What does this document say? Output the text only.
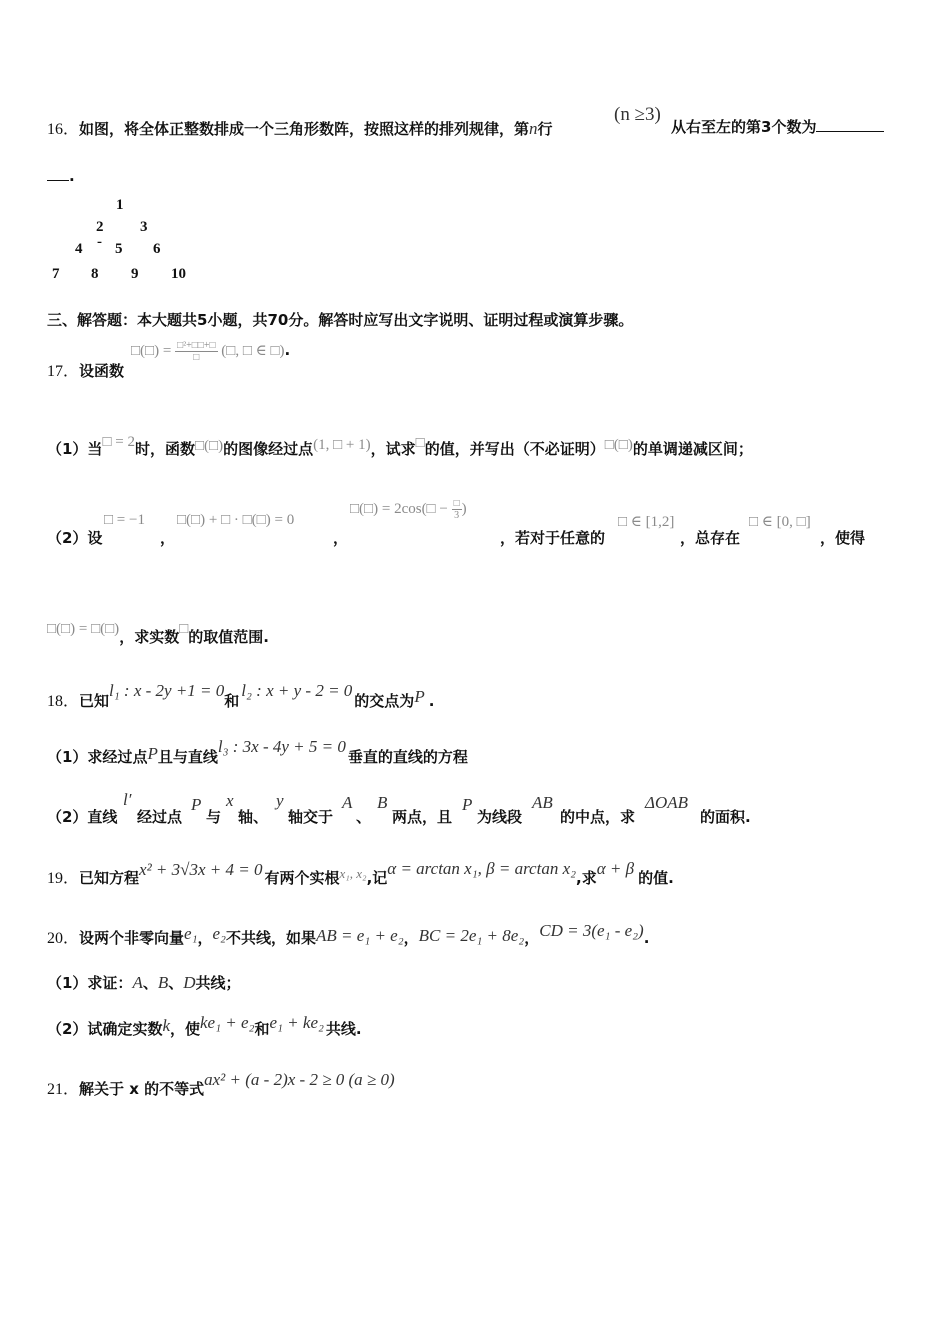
16．如图，将全体正整数排成一个三角形数阵，按照这样的排列规律，第n行
(n ≥3)
从右至左的第3个数为
.
1
2 3
4 - 5 6
7 8 9 10
三、解答题：本大题共5小题，共70分。解答时应写出文字说明、证明过程或演算步骤。
17．设函数
□(□) = $\frac{\text{□²+□□+□}}{□}$ (□, □ ∈ □).
（1）当□ = 2时，函数□(□)的图像经过点(1, □ + 1)，试求□的值，并写出（不必证明）□(□)的单调递减区间；
（2）设
□ = −1
，
□(□) + □ · □(□) = 0
，
□(□) = 2cos(□ − $\frac{□}{3}$ )
，若对于任意的
□ ∈ [1,2]
，总存在
□ ∈ [0, □]
，使得
□(□) = □(□)，求实数□的取值范围.
18．已知l₁ : x - 2y +1 = 0和l₂ : x + y - 2 = 0的交点为P .
（1）求经过点P且与直线l₃ : 3x - 4y + 5 = 0垂直的直线的方程
（2）直线
l′
经过点
P
与
x
轴、
y
轴交于
A
、
B
两点，且
P
为线段
AB
的中点，求
ΔOAB
的面积.
19．已知方程x² + 3√3x + 4 = 0 有两个实根$^{x_1, x_2}$,记α = arctan x₁, β = arctan x₂,求α + β 的值.
20．设两个非零向量e₁，e₂不共线，如果AB = e₁ + e₂，BC = 2e₁ + 8e₂，CD = 3(e₁ - e₂).
（1）求证：A、B、D共线；
（2）试确定实数k，使ke₁ + e₂和e₁ + ke₂ 共线.
21．解关于 x 的不等式ax² + (a - 2)x - 2 ≥ 0 (a ≥ 0)
